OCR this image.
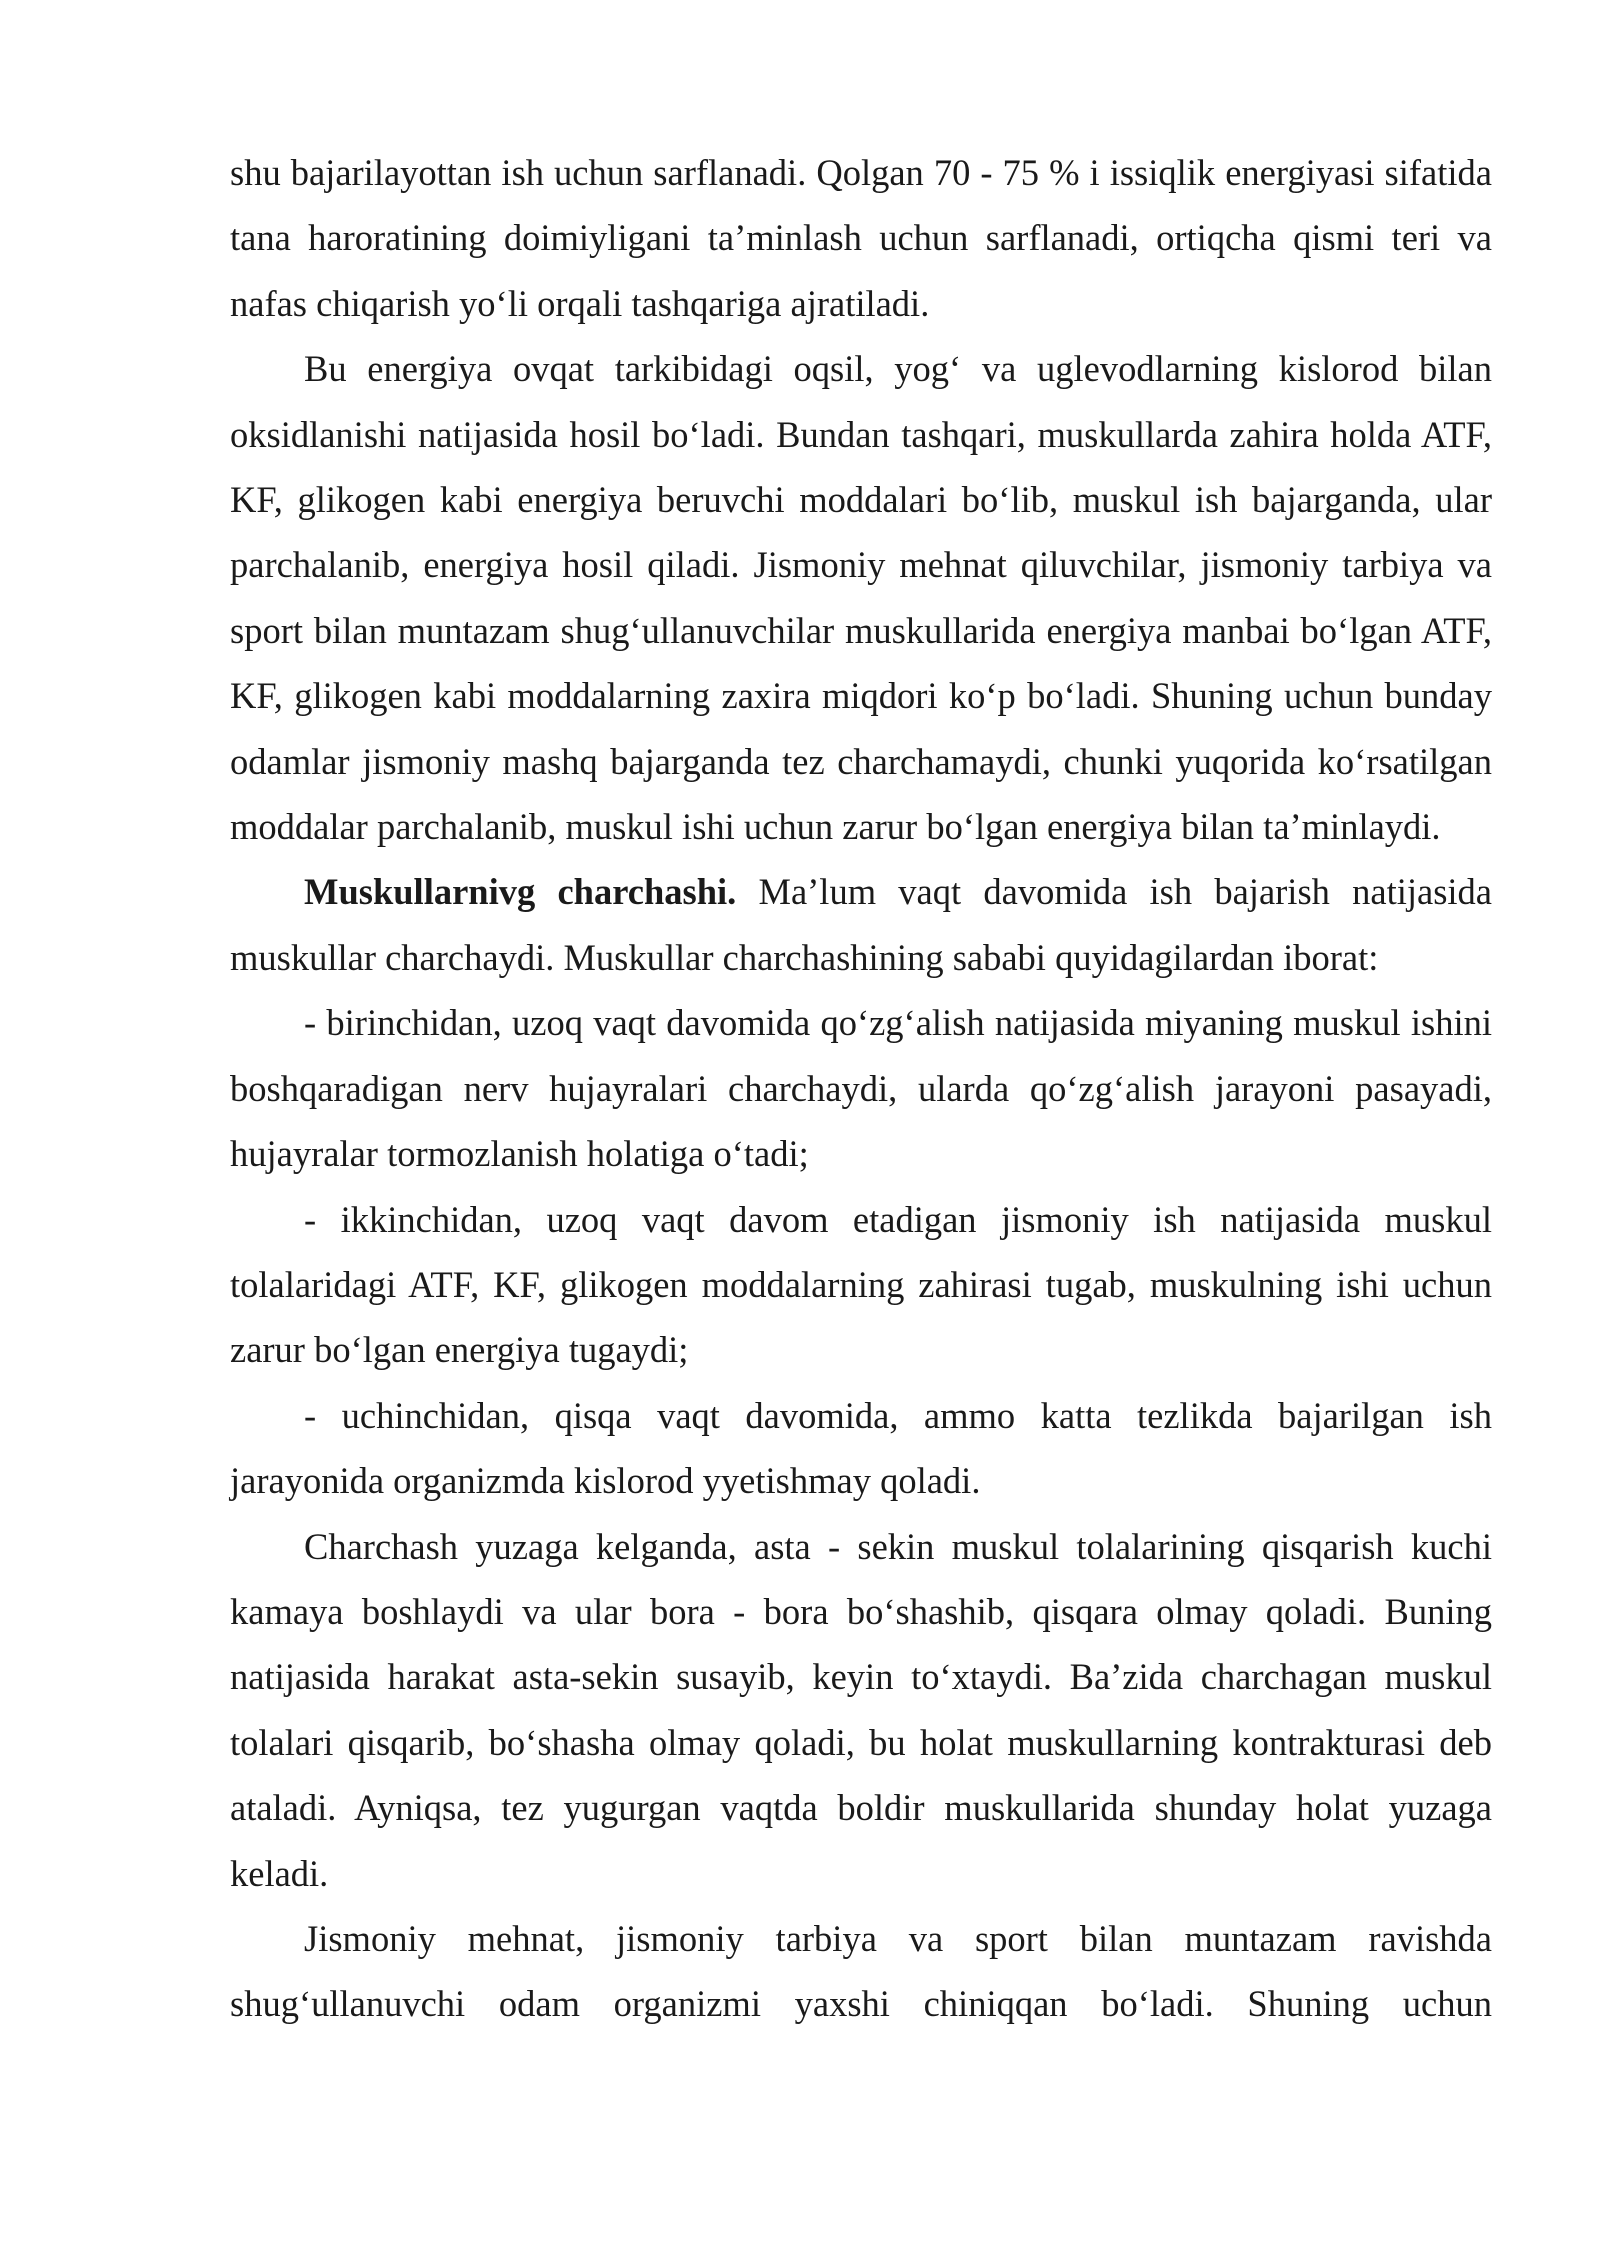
shu bajarilayottan ish uchun sarflanadi. Qolgan 70 - 75 % i issiqlik energiyasi sifatida tana haroratining doimiyligani ta’minlash uchun sarflanadi, ortiqcha qismi teri va nafas chiqarish yo‘li orqali tashqariga ajratiladi.

Bu energiya ovqat tarkibidagi oqsil, yog‘ va uglevodlarning kislorod bilan oksidlanishi natijasida hosil bo‘ladi. Bundan tashqari, muskullarda zahira holda ATF, KF, glikogen kabi energiya beruvchi moddalari bo‘lib, muskul ish bajarganda, ular parchalanib, energiya hosil qiladi. Jismoniy mehnat qiluvchilar, jismoniy tarbiya va sport bilan muntazam shug‘ullanuvchilar muskullarida energiya manbai bo‘lgan ATF, KF, glikogen kabi moddalarning zaxira miqdori ko‘p bo‘ladi. Shuning uchun bunday odamlar jismoniy mashq bajarganda tez charchamaydi, chunki yuqorida ko‘rsatilgan moddalar parchalanib, muskul ishi uchun zarur bo‘lgan energiya bilan ta’minlaydi.

Muskullarnivg charchashi. Ma’lum vaqt davomida ish bajarish natijasida muskullar charchaydi. Muskullar charchashining sababi quyidagilardan iborat:

- birinchidan, uzoq vaqt davomida qo‘zg‘alish natijasida miyaning muskul ishini boshqaradigan nerv hujayralari charchaydi, ularda qo‘zg‘alish jarayoni pasayadi, hujayralar tormozlanish holatiga o‘tadi;

- ikkinchidan, uzoq vaqt davom etadigan jismoniy ish natijasida muskul tolalaridagi ATF, KF, glikogen moddalarning zahirasi tugab, muskulning ishi uchun zarur bo‘lgan energiya tugaydi;

- uchinchidan, qisqa vaqt davomida, ammo katta tezlikda bajarilgan ish jarayonida organizmda kislorod yyetishmay qoladi.

Charchash yuzaga kelganda, asta - sekin muskul tolalarining qisqarish kuchi kamaya boshlaydi va ular bora - bora bo‘shashib, qisqara olmay qoladi. Buning natijasida harakat asta-sekin susayib, keyin to‘xtaydi. Ba’zida charchagan muskul tolalari qisqarib, bo‘shasha olmay qoladi, bu holat muskullarning kontrakturasi deb ataladi. Ayniqsa, tez yugurgan vaqtda boldir muskullarida shunday holat yuzaga keladi.

Jismoniy mehnat, jismoniy tarbiya va sport bilan muntazam ravishda shug‘ullanuvchi odam organizmi yaxshi chiniqqan bo‘ladi. Shuning uchun
